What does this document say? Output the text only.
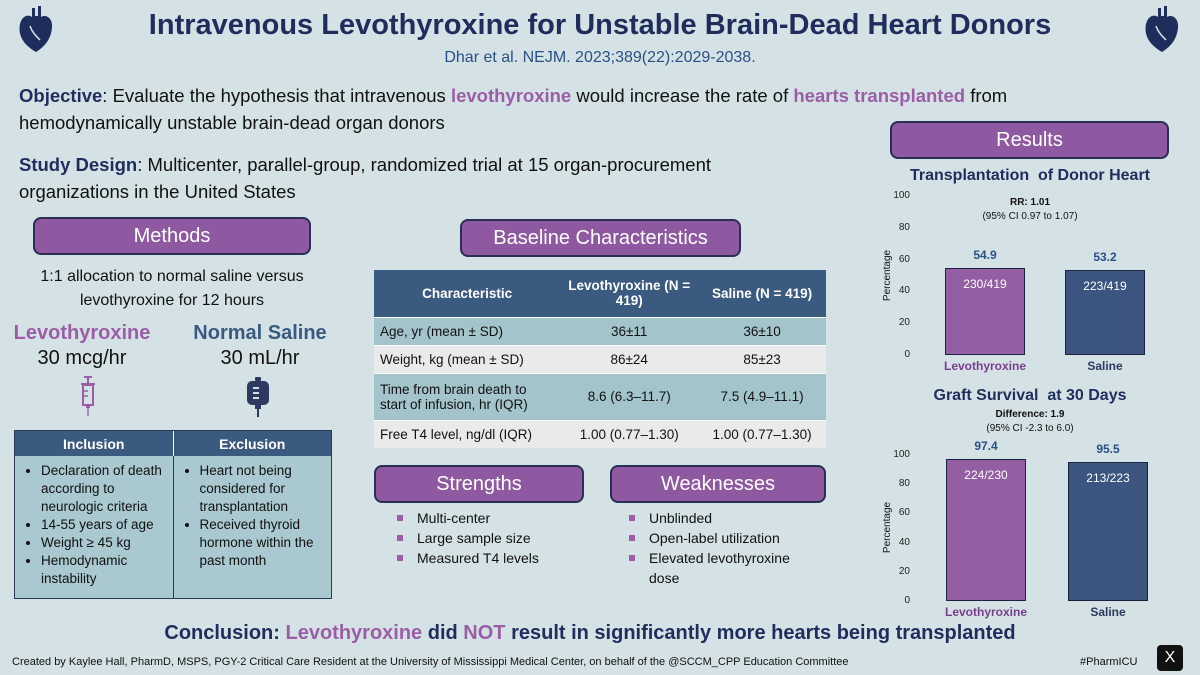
Intravenous Levothyroxine for Unstable Brain-Dead Heart Donors
Dhar et al. NEJM. 2023;389(22):2029-2038.
Objective: Evaluate the hypothesis that intravenous levothyroxine would increase the rate of hearts transplanted from
hemodynamically unstable brain-dead organ donors
Study Design: Multicenter, parallel-group, randomized trial at 15 organ-procurement
organizations in the United States
Methods
1:1 allocation to normal saline versus
levothyroxine for 12 hours
Levothyroxine
30 mcg/hr
Normal Saline
30 mL/hr
Inclusion	Exclusion
• Declaration of death according to neurologic criteria
• 14-55 years of age
• Weight ≥ 45 kg
• Hemodynamic instability
• Heart not being considered for transplantation
• Received thyroid hormone within the past month
Baseline Characteristics
Characteristic	Levothyroxine (N = 419)	Saline (N = 419)
Age, yr (mean ± SD)	36±11	36±10
Weight, kg (mean ± SD)	86±24	85±23
Time from brain death to start of infusion, hr (IQR)	8.6 (6.3–11.7)	7.5 (4.9–11.1)
Free T4 level, ng/dl (IQR)	1.00 (0.77–1.30)	1.00 (0.77–1.30)
Strengths
Multi-center
Large sample size
Measured T4 levels
Weaknesses
Unblinded
Open-label utilization
Elevated levothyroxine dose
Results
Transplantation  of Donor Heart
RR: 1.01
(95% CI 0.97 to 1.07)
100
80
60
40
20
0
Percentage	230/419
54.9
Levothyroxine
223/419
53.2
Saline
Graft Survival  at 30 Days
Difference: 1.9
(95% CI -2.3 to 6.0)
100
80
60
40
20
0
Percentage
224/230
97.4
Levothyroxine
213/223
95.5
Saline
Conclusion: Levothyroxine did NOT result in significantly more hearts being transplanted
Created by Kaylee Hall, PharmD, MSPS, PGY-2 Critical Care Resident at the University of Mississippi Medical Center, on behalf of the @SCCM_CPP Education Committee	#PharmICU X
